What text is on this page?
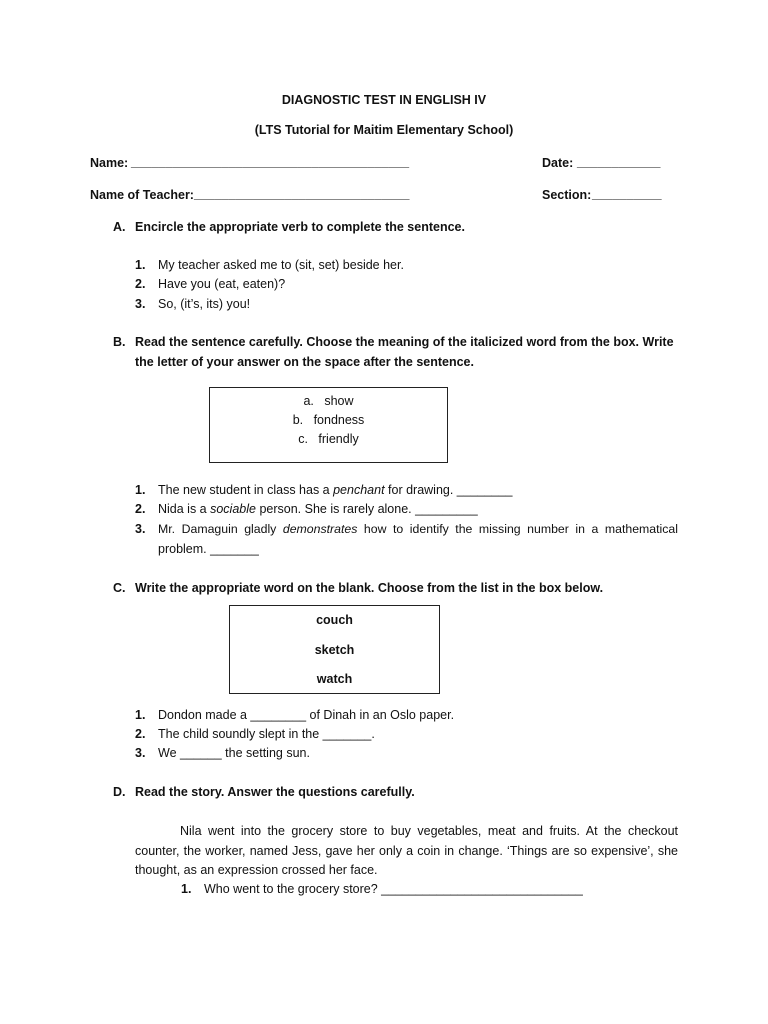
DIAGNOSTIC TEST IN ENGLISH IV
(LTS Tutorial for Maitim Elementary School)
Name: ________________________________________	Date: ____________
Name of Teacher: _______________________________	Section: __________
A. Encircle the appropriate verb to complete the sentence.
1. My teacher asked me to (sit, set) beside her.
2. Have you (eat, eaten)?
3. So, (it’s, its) you!
B. Read the sentence carefully. Choose the meaning of the italicized word from the box. Write
the letter of your answer on the space after the sentence.
a. show
b. fondness
c. friendly
1. The new student in class has a penchant for drawing. ________
2. Nida is a sociable person. She is rarely alone. _________
3. Mr. Damaguin gladly demonstrates how to identify the missing number in a mathematical
problem. _______
C. Write the appropriate word on the blank. Choose from the list in the box below.
couch
sketch
watch
1. Dondon made a ________ of Dinah in an Oslo paper.
2. The child soundly slept in the _______.
3. We ______ the setting sun.
D. Read the story. Answer the questions carefully.
Nila went into the grocery store to buy vegetables, meat and fruits. At the checkout counter, the worker, named Jess, gave her only a coin in change. ‘Things are so expensive’, she thought, as an expression crossed her face.
1. Who went to the grocery store? _____________________________
